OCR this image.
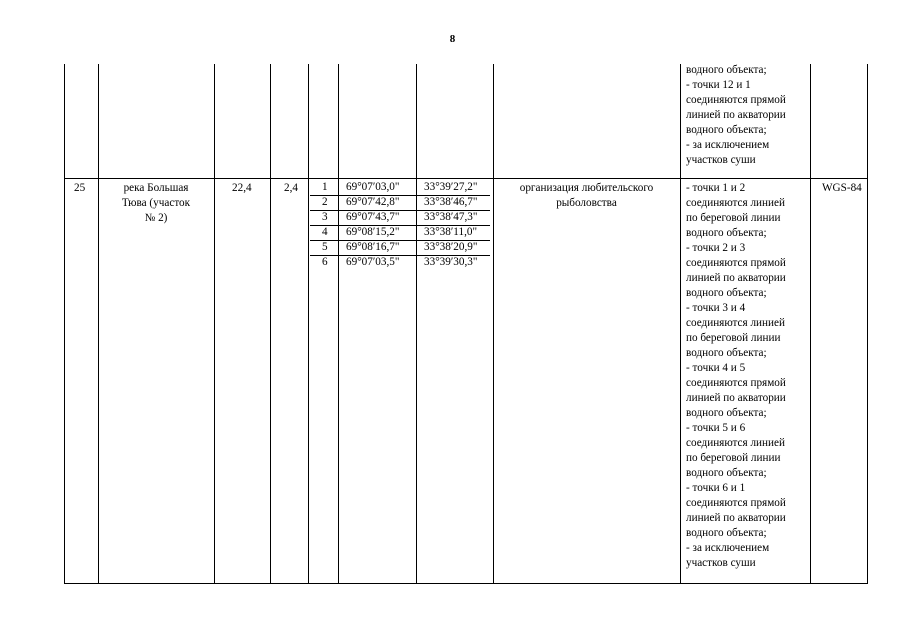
8
водного объекта;
- точки 12 и 1
соединяются прямой
линией по акватории
водного объекта;
- за исключением
участков суши
25	река Большая
Тюва (участок
№ 2)
22,4	2,4 1
2
3
4
5
6
69°07′03,0"
69°07′42,8"
69°07′43,7"
69°08′15,2"
69°08′16,7"
69°07′03,5"
33°39′27,2"
33°38′46,7"
33°38′47,3"
33°38′11,0"
33°38′20,9"
33°39′30,3"
организация любительского
рыболовства
- точки 1 и 2
соединяются линией
по береговой линии
водного объекта;
- точки 2 и 3
соединяются прямой
линией по акватории
водного объекта;
- точки 3 и 4
соединяются линией
по береговой линии
водного объекта;
- точки 4 и 5
соединяются прямой
линией по акватории
водного объекта;
- точки 5 и 6
соединяются линией
по береговой линии
водного объекта;
- точки 6 и 1
соединяются прямой
линией по акватории
водного объекта;
- за исключением
участков суши
WGS-84
